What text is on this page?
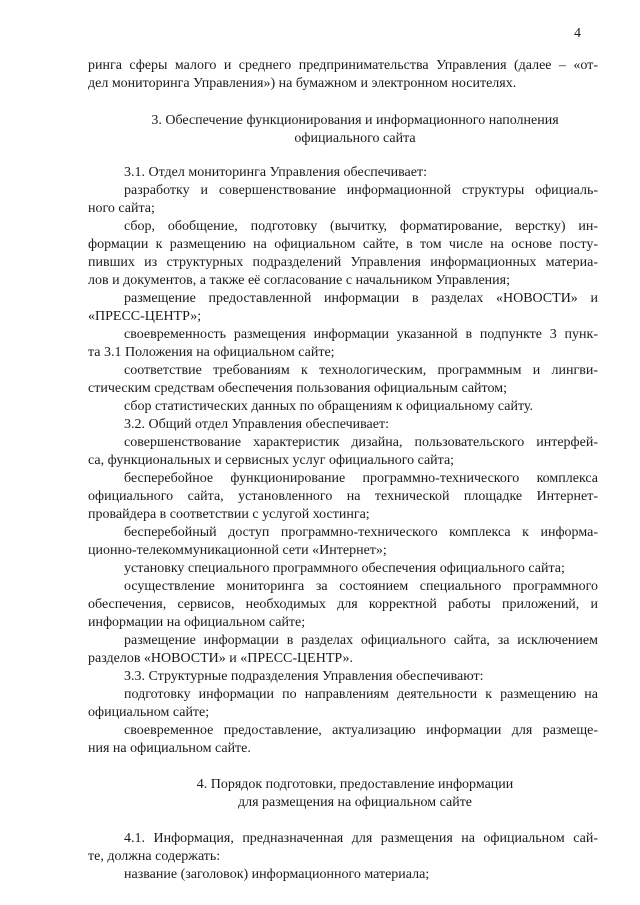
4
ринга сферы малого и среднего предпринимательства Управления (далее – «от-
дел мониторинга Управления») на бумажном и электронном носителях.
3. Обеспечение функционирования и информационного наполнения
официального сайта
3.1. Отдел мониторинга Управления обеспечивает:
разработку и совершенствование информационной структуры официаль-
ного сайта;
сбор, обобщение, подготовку (вычитку, форматирование, верстку) ин-
формации к размещению на официальном сайте, в том числе на основе посту-
пивших из структурных подразделений Управления информационных материа-
лов и документов, а также её согласование с начальником Управления;
размещение предоставленной информации в разделах «НОВОСТИ» и
«ПРЕСС-ЦЕНТР»;
своевременность размещения информации указанной в подпункте 3 пунк-
та 3.1 Положения на официальном сайте;
соответствие требованиям к технологическим, программным и лингви-
стическим средствам обеспечения пользования официальным сайтом;
сбор статистических данных по обращениям к официальному сайту.
3.2. Общий отдел Управления обеспечивает:
совершенствование характеристик дизайна, пользовательского интерфей-
са, функциональных и сервисных услуг официального сайта;
бесперебойное функционирование программно-технического комплекса
официального сайта, установленного на технической площадке Интернет-
провайдера в соответствии с услугой хостинга;
бесперебойный доступ программно-технического комплекса к информа-
ционно-телекоммуникационной сети «Интернет»;
установку специального программного обеспечения официального сайта;
осуществление мониторинга за состоянием специального программного
обеспечения, сервисов, необходимых для корректной работы приложений, и
информации на официальном сайте;
размещение информации в разделах официального сайта, за исключением
разделов «НОВОСТИ» и «ПРЕСС-ЦЕНТР».
3.3. Структурные подразделения Управления обеспечивают:
подготовку информации по направлениям деятельности к размещению на
официальном сайте;
своевременное предоставление, актуализацию информации для размеще-
ния на официальном сайте.
4. Порядок подготовки, предоставление информации
для размещения на официальном сайте
4.1. Информация, предназначенная для размещения на официальном сай-
те, должна содержать:
название (заголовок) информационного материала;
